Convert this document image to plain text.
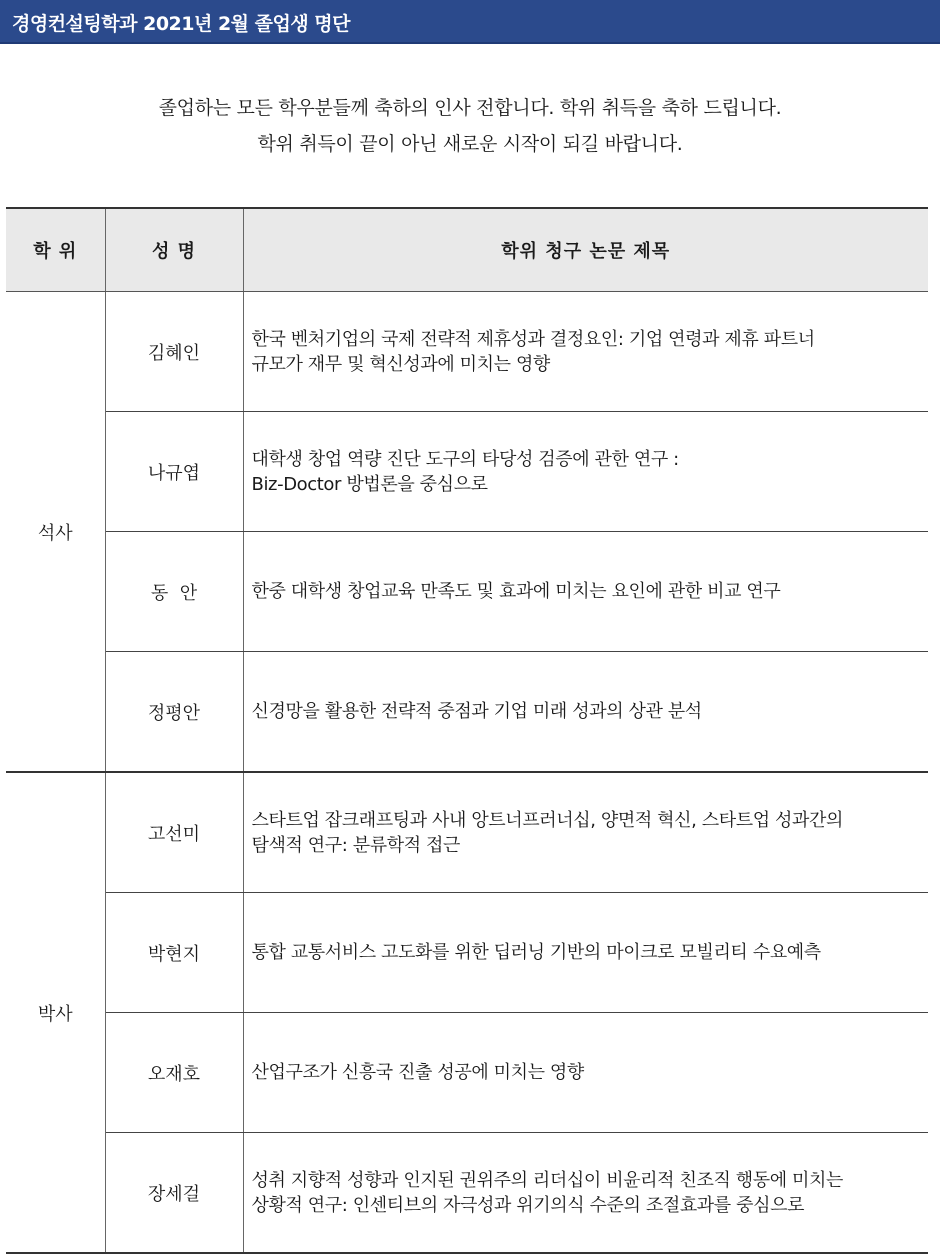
경영컨설팅학과 2021년 2월 졸업생 명단
졸업하는 모든 학우분들께 축하의 인사 전합니다. 학위 취득을 축하 드립니다.
학위 취득이 끝이 아닌 새로운 시작이 되길 바랍니다.
학 위	성 명	학위 청구 논문 제목
석사	김혜인	한국 벤처기업의 국제 전략적 제휴성과 결정요인: 기업 연령과 제휴 파트너
규모가 재무 및 혁신성과에 미치는 영향

	나규엽	대학생 창업 역량 진단 도구의 타당성 검증에 관한 연구 :
Biz-Doctor 방법론을 중심으로

	동  안	한중 대학생 창업교육 만족도 및 효과에 미치는 요인에 관한 비교 연구

	정평안	신경망을 활용한 전략적 중점과 기업 미래 성과의 상관 분석

박사	고선미	스타트업 잡크래프팅과 사내 앙트너프러너십, 양면적 혁신, 스타트업 성과간의
탐색적 연구: 분류학적 접근

	박현지	통합 교통서비스 고도화를 위한 딥러닝 기반의 마이크로 모빌리티 수요예측

	오재호	산업구조가 신흥국 진출 성공에 미치는 영향

	장세걸	성취 지향적 성향과 인지된 권위주의 리더십이 비윤리적 친조직 행동에 미치는
상황적 연구: 인센티브의 자극성과 위기의식 수준의 조절효과를 중심으로
